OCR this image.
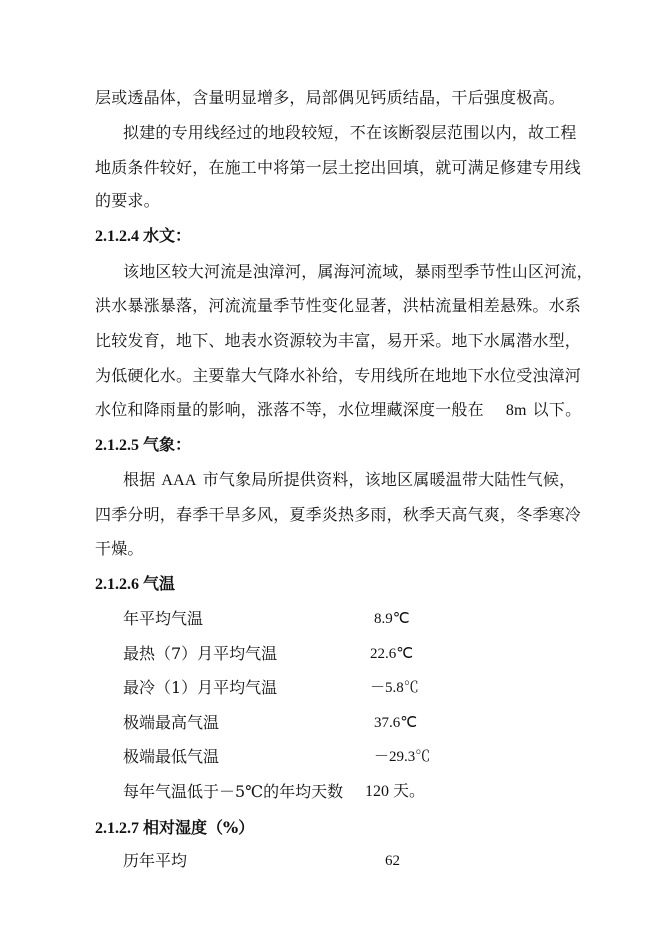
层或透晶体，含量明显增多，局部偶见钙质结晶，干后强度极高。
拟建的专用线经过的地段较短，不在该断裂层范围以内，故工程
地质条件较好，在施工中将第一层土挖出回填，就可满足修建专用线
的要求。
2.1.2.4 水文：
该地区较大河流是浊漳河，属海河流域，暴雨型季节性山区河流，
洪水暴涨暴落，河流流量季节性变化显著，洪枯流量相差悬殊。水系
比较发育，地下、地表水资源较为丰富，易开采。地下水属潜水型，
为低硬化水。主要靠大气降水补给，专用线所在地地下水位受浊漳河
水位和降雨量的影响，涨落不等，水位埋藏深度一般在 8m 以下。
2.1.2.5 气象：
根据 AAA 市气象局所提供资料，该地区属暖温带大陆性气候，
四季分明，春季干旱多风，夏季炎热多雨，秋季天高气爽，冬季寒冷
干燥。
2.1.2.6 气温
年平均气温	8.9℃
最热（7）月平均气温	22.6℃
最冷（1）月平均气温	－5.8℃
极端最高气温	37.6℃
极端最低气温	－29.3℃
每年气温低于－5℃的年均天数 120 天。
2.1.2.7 相对湿度（%）
历年平均	62
